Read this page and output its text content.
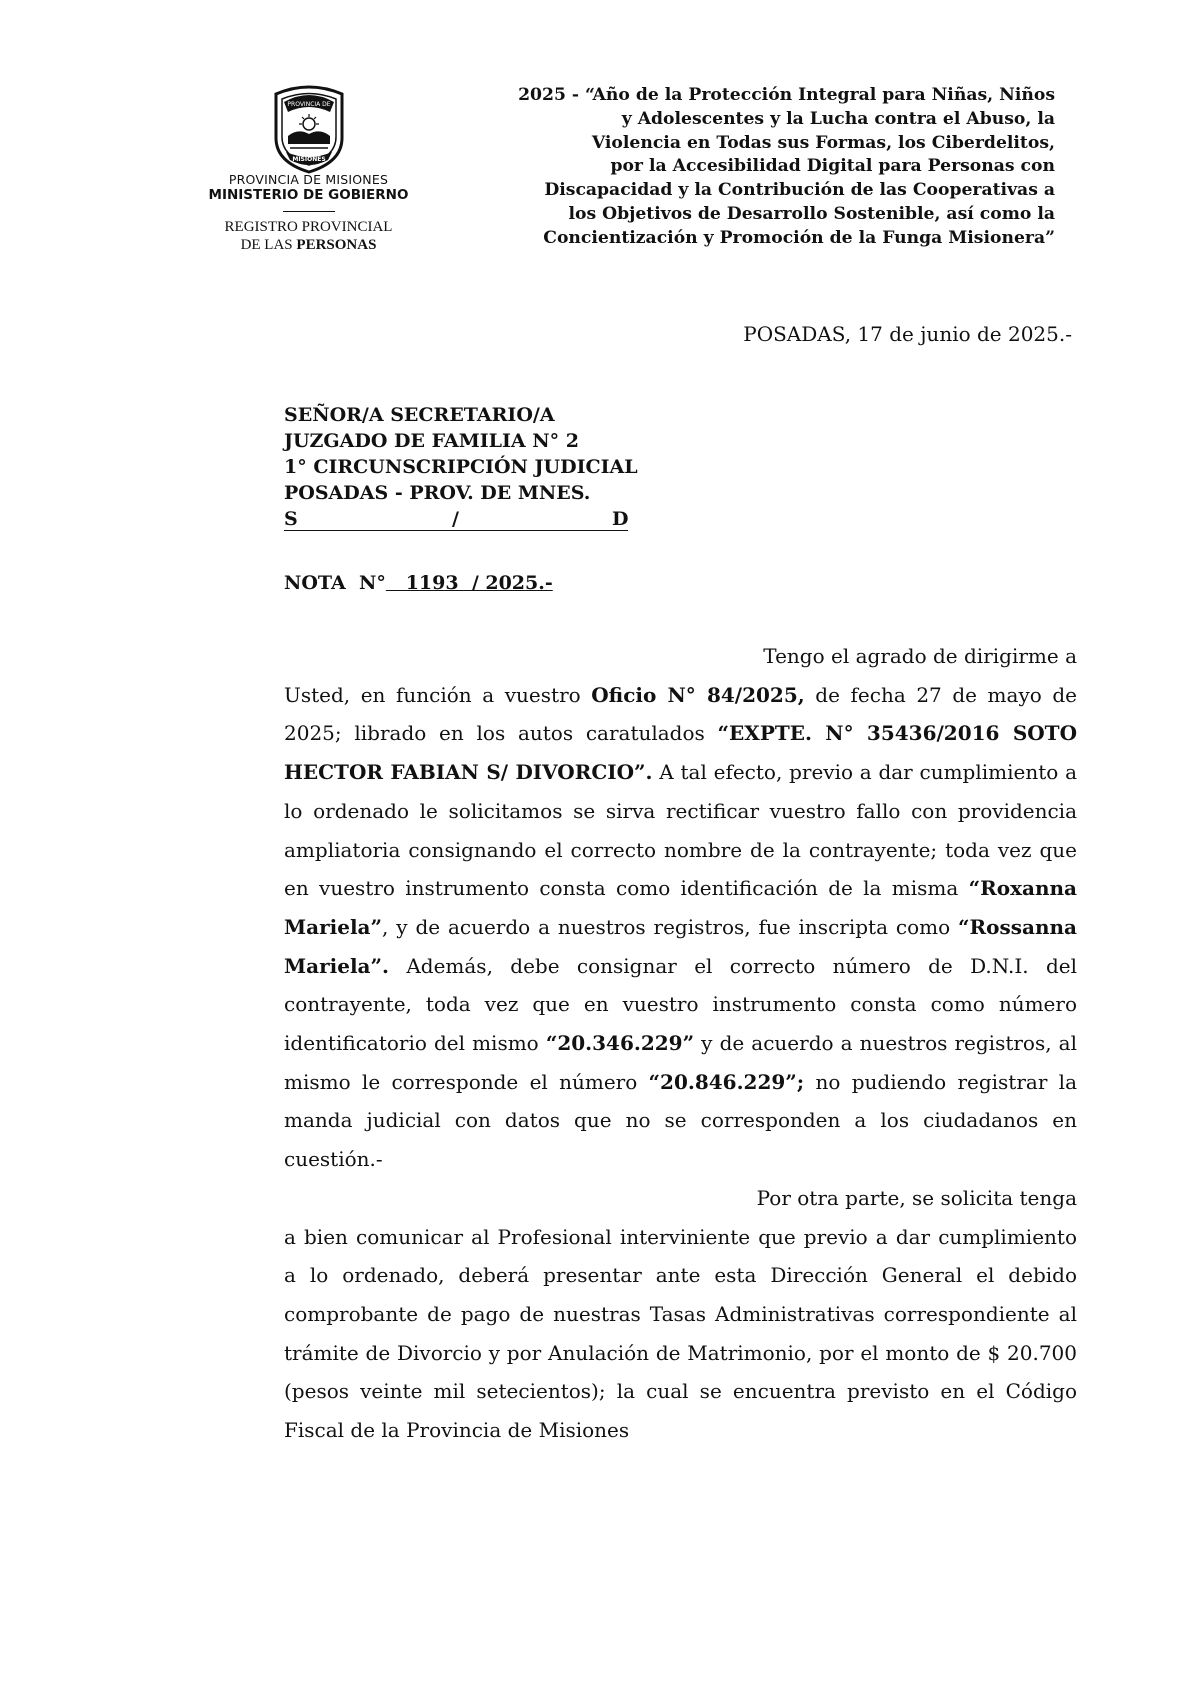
PROVINCIA DE
MISIONES
PROVINCIA DE MISIONES
MINISTERIO DE GOBIERNO
REGISTRO PROVINCIAL
DE LAS PERSONAS
2025 - “Año de la Protección Integral para Niñas, Niños
y Adolescentes y la Lucha contra el Abuso, la
Violencia en Todas sus Formas, los Ciberdelitos,
por la Accesibilidad Digital para Personas con
Discapacidad y la Contribución de las Cooperativas a
los Objetivos de Desarrollo Sostenible, así como la
Concientización y Promoción de la Funga Misionera”
POSADAS, 17 de junio de 2025.-
SEÑOR/A SECRETARIO/A
JUZGADO DE FAMILIA N° 2
1° CIRCUNSCRIPCIÓN JUDICIAL
POSADAS - PROV. DE MNES.
S	/	D
NOTA  N°   1193  / 2025.-

Tengo el agrado de dirigirme a

Usted, en función a vuestro Oficio N° 84/2025, de fecha 27 de mayo de 2025; librado en los autos caratulados “EXPTE. N° 35436/2016 SOTO HECTOR FABIAN S/ DIVORCIO”. A tal efecto, previo a dar cumplimiento a lo ordenado le solicitamos se sirva rectificar vuestro fallo con providencia ampliatoria consignando el correcto nombre de la contrayente; toda vez que en vuestro instrumento consta como identificación de la misma “Roxanna Mariela”, y de acuerdo a nuestros registros, fue inscripta como “Rossanna Mariela”. Además, debe consignar el correcto número de D.N.I. del contrayente, toda vez que en vuestro instrumento consta como número identificatorio del mismo “20.346.229” y de acuerdo a nuestros registros, al mismo le corresponde el número “20.846.229”; no pudiendo registrar la manda judicial con datos que no se corresponden a los ciudadanos en cuestión.-

Por otra parte, se solicita tenga

a bien comunicar al Profesional interviniente que previo a dar cumplimiento a lo ordenado, deberá presentar ante esta Dirección General el debido comprobante de pago de nuestras Tasas Administrativas correspondiente al trámite de Divorcio y por Anulación de Matrimonio, por el monto de $ 20.700 (pesos veinte mil setecientos); la cual se encuentra previsto en el Código Fiscal de la Provincia de Misiones
